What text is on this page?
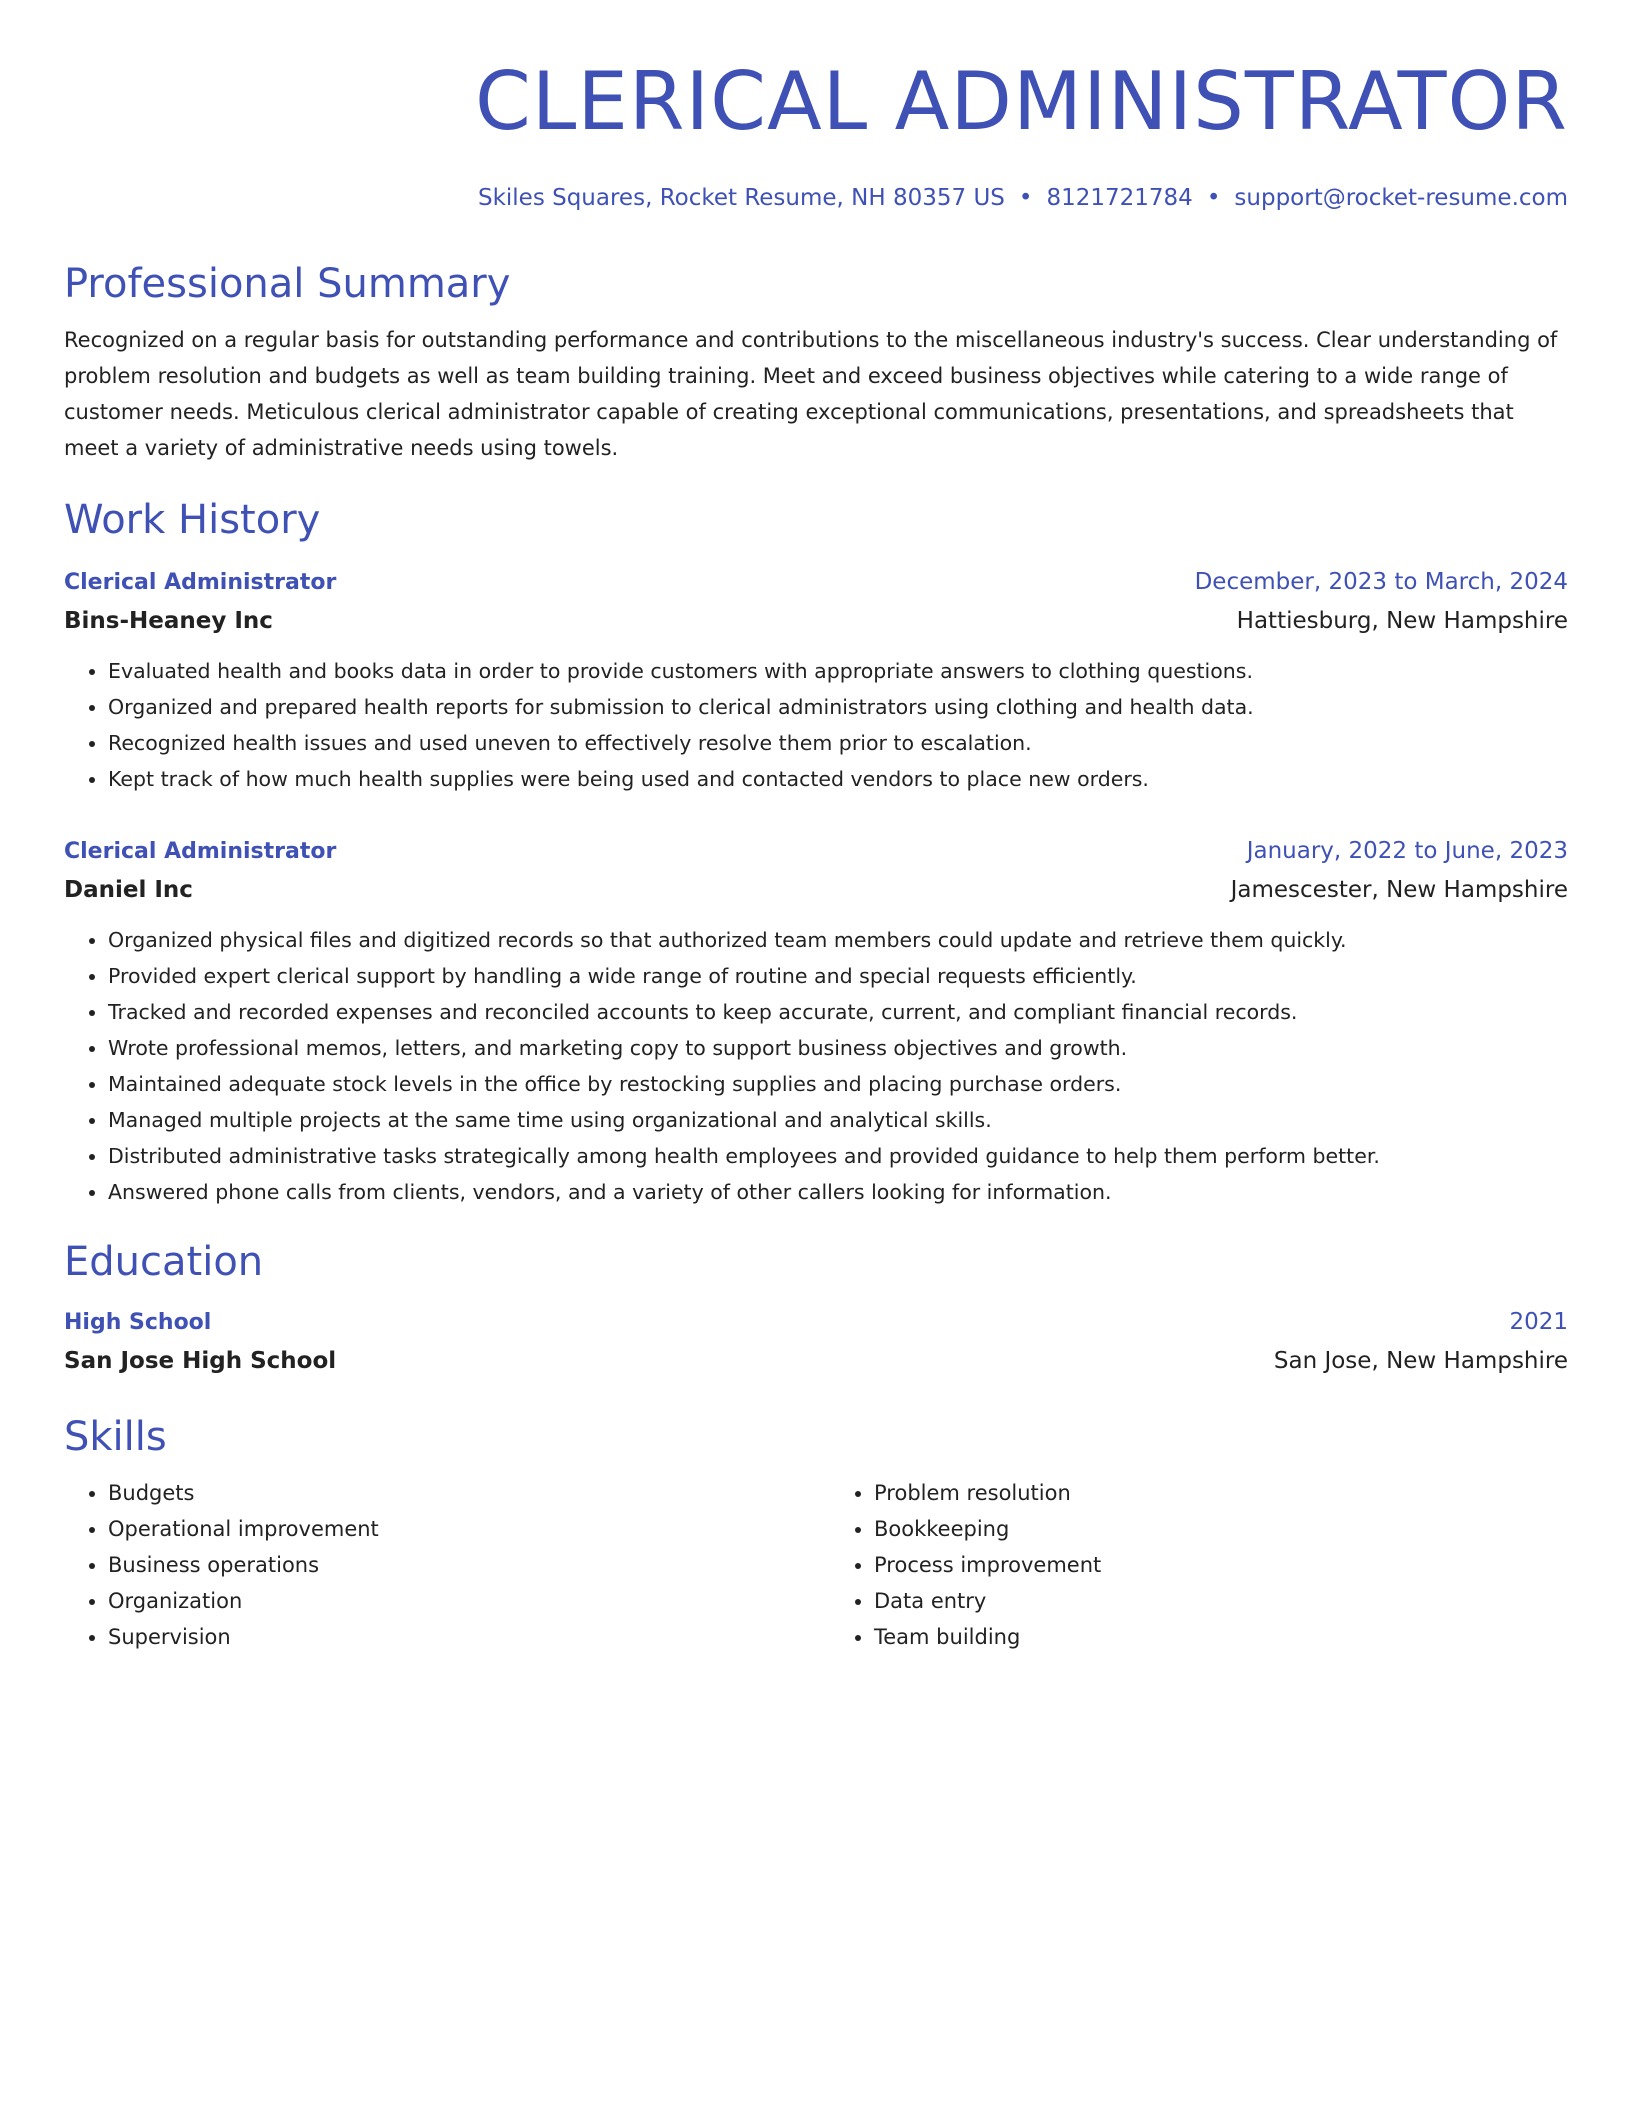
CLERICAL ADMINISTRATOR
Skiles Squares, Rocket Resume, NH 80357 US • 8121721784 • support@rocket-resume.com
Professional Summary
Recognized on a regular basis for outstanding performance and contributions to the miscellaneous industry's success. Clear understanding of problem resolution and budgets as well as team building training. Meet and exceed business objectives while catering to a wide range of customer needs. Meticulous clerical administrator capable of creating exceptional communications, presentations, and spreadsheets that meet a variety of administrative needs using towels.
Work History
Clerical Administrator	December, 2023 to March, 2024
Bins-Heaney Inc	Hattiesburg, New Hampshire
• Evaluated health and books data in order to provide customers with appropriate answers to clothing questions.
• Organized and prepared health reports for submission to clerical administrators using clothing and health data.
• Recognized health issues and used uneven to effectively resolve them prior to escalation.
• Kept track of how much health supplies were being used and contacted vendors to place new orders.
Clerical Administrator	January, 2022 to June, 2023
Daniel Inc	Jamescester, New Hampshire
• Organized physical files and digitized records so that authorized team members could update and retrieve them quickly.
• Provided expert clerical support by handling a wide range of routine and special requests efficiently.
• Tracked and recorded expenses and reconciled accounts to keep accurate, current, and compliant financial records.
• Wrote professional memos, letters, and marketing copy to support business objectives and growth.
• Maintained adequate stock levels in the office by restocking supplies and placing purchase orders.
• Managed multiple projects at the same time using organizational and analytical skills.
• Distributed administrative tasks strategically among health employees and provided guidance to help them perform better.
• Answered phone calls from clients, vendors, and a variety of other callers looking for information.
Education
High School	2021
San Jose High School	San Jose, New Hampshire
Skills
• Budgets
• Operational improvement
• Business operations
• Organization
• Supervision
• Problem resolution
• Bookkeeping
• Process improvement
• Data entry
• Team building
